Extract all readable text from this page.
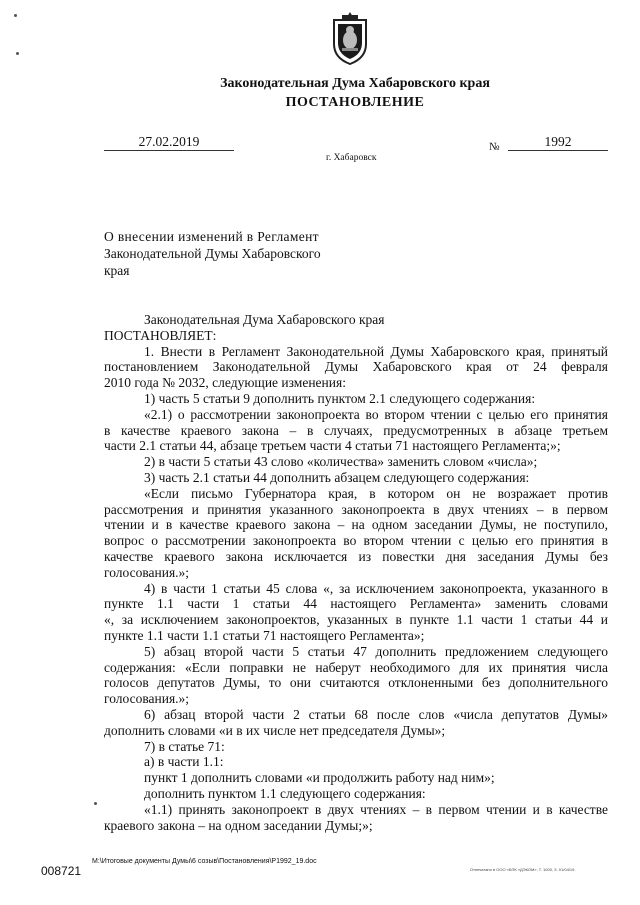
Законодательная Дума Хабаровского края
ПОСТАНОВЛЕНИЕ
27.02.2019	№	1992
г. Хабаровск
О внесении изменений в Регламент
Законодательной Думы Хабаровского
края
Законодательная Дума Хабаровского края
ПОСТАНОВЛЯЕТ:
1. Внести в Регламент Законодательной Думы Хабаровского края, принятый
постановлением Законодательной Думы Хабаровского края от 24 февраля
2010 года № 2032, следующие изменения:
1) часть 5 статьи 9 дополнить пунктом 2.1 следующего содержания:
«2.1) о рассмотрении законопроекта во втором чтении с целью его принятия
в качестве краевого закона – в случаях, предусмотренных в абзаце третьем
части 2.1 статьи 44, абзаце третьем части 4 статьи 71 настоящего Регламента;»;
2) в части 5 статьи 43 слово «количества» заменить словом «числа»;
3) часть 2.1 статьи 44 дополнить абзацем следующего содержания:
«Если письмо Губернатора края, в котором он не возражает против
рассмотрения и принятия указанного законопроекта в двух чтениях – в первом
чтении и в качестве краевого закона – на одном заседании Думы, не поступило,
вопрос о рассмотрении законопроекта во втором чтении с целью его принятия в
качестве краевого закона исключается из повестки дня заседания Думы без
голосования.»;
4) в части 1 статьи 45 слова «, за исключением законопроекта, указанного в
пункте 1.1 части 1 статьи 44 настоящего Регламента» заменить словами
«, за исключением законопроектов, указанных в пункте 1.1 части 1 статьи 44 и
пункте 1.1 части 1.1 статьи 71 настоящего Регламента»;
5) абзац второй части 5 статьи 47 дополнить предложением следующего
содержания: «Если поправки не наберут необходимого для их принятия числа
голосов депутатов Думы, то они считаются отклоненными без дополнительного
голосования.»;
6) абзац второй части 2 статьи 68 после слов «числа депутатов Думы»
дополнить словами «и в их числе нет председателя Думы»;
7) в статье 71:
а) в части 1.1:
пункт 1 дополнить словами «и продолжить работу над ним»;
дополнить пунктом 1.1 следующего содержания:
«1.1) принять законопроект в двух чтениях – в первом чтении и в качестве
краевого закона – на одном заседании Думы;»;
M:\Итоговые документы Думы\6 созыв\Постановления\Р1992_19.doc
008721	Отпечатано в ООО «БПК «ДЭКОМ», Т. 1000, З. 01/04/19.
